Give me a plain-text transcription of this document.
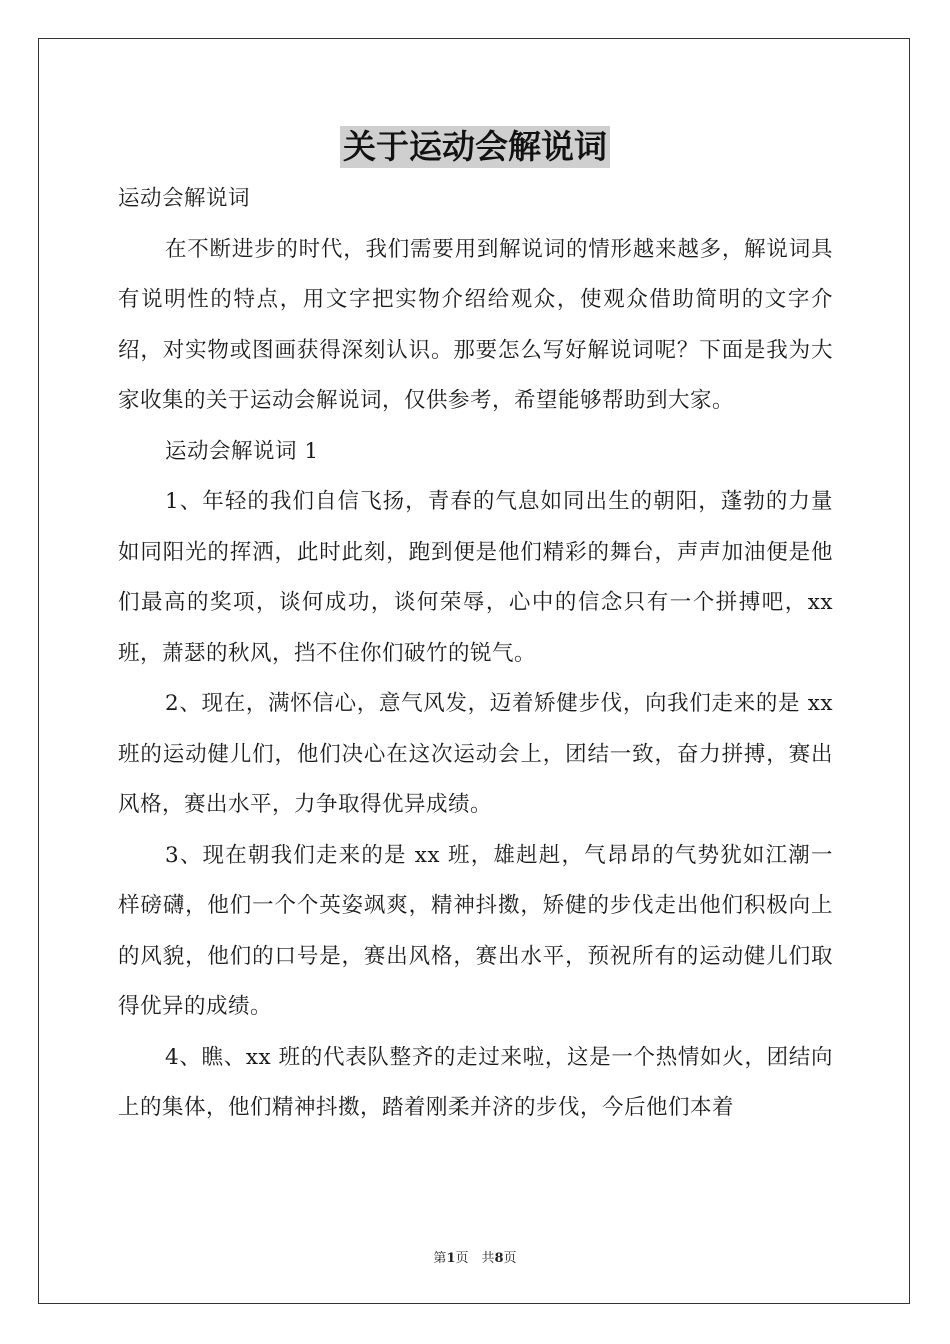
关于运动会解说词

运动会解说词

在不断进步的时代，我们需要用到解说词的情形越来越多，解说词具有说明性的特点，用文字把实物介绍给观众，使观众借助简明的文字介绍，对实物或图画获得深刻认识。那要怎么写好解说词呢？下面是我为大家收集的关于运动会解说词，仅供参考，希望能够帮助到大家。

运动会解说词 1

1、年轻的我们自信飞扬，青春的气息如同出生的朝阳，蓬勃的力量如同阳光的挥洒，此时此刻，跑到便是他们精彩的舞台，声声加油便是他们最高的奖项，谈何成功，谈何荣辱，心中的信念只有一个拼搏吧，xx 班，萧瑟的秋风，挡不住你们破竹的锐气。

2、现在，满怀信心，意气风发，迈着矫健步伐，向我们走来的是 xx 班的运动健儿们，他们决心在这次运动会上，团结一致，奋力拼搏，赛出风格，赛出水平，力争取得优异成绩。

3、现在朝我们走来的是 xx 班，雄赳赳，气昂昂的气势犹如江潮一样磅礴，他们一个个英姿飒爽，精神抖擞，矫健的步伐走出他们积极向上的风貌，他们的口号是，赛出风格，赛出水平，预祝所有的运动健儿们取得优异的成绩。

4、瞧、xx 班的代表队整齐的走过来啦，这是一个热情如火，团结向上的集体，他们精神抖擞，踏着刚柔并济的步伐，今后他们本着

第1页　共8页
